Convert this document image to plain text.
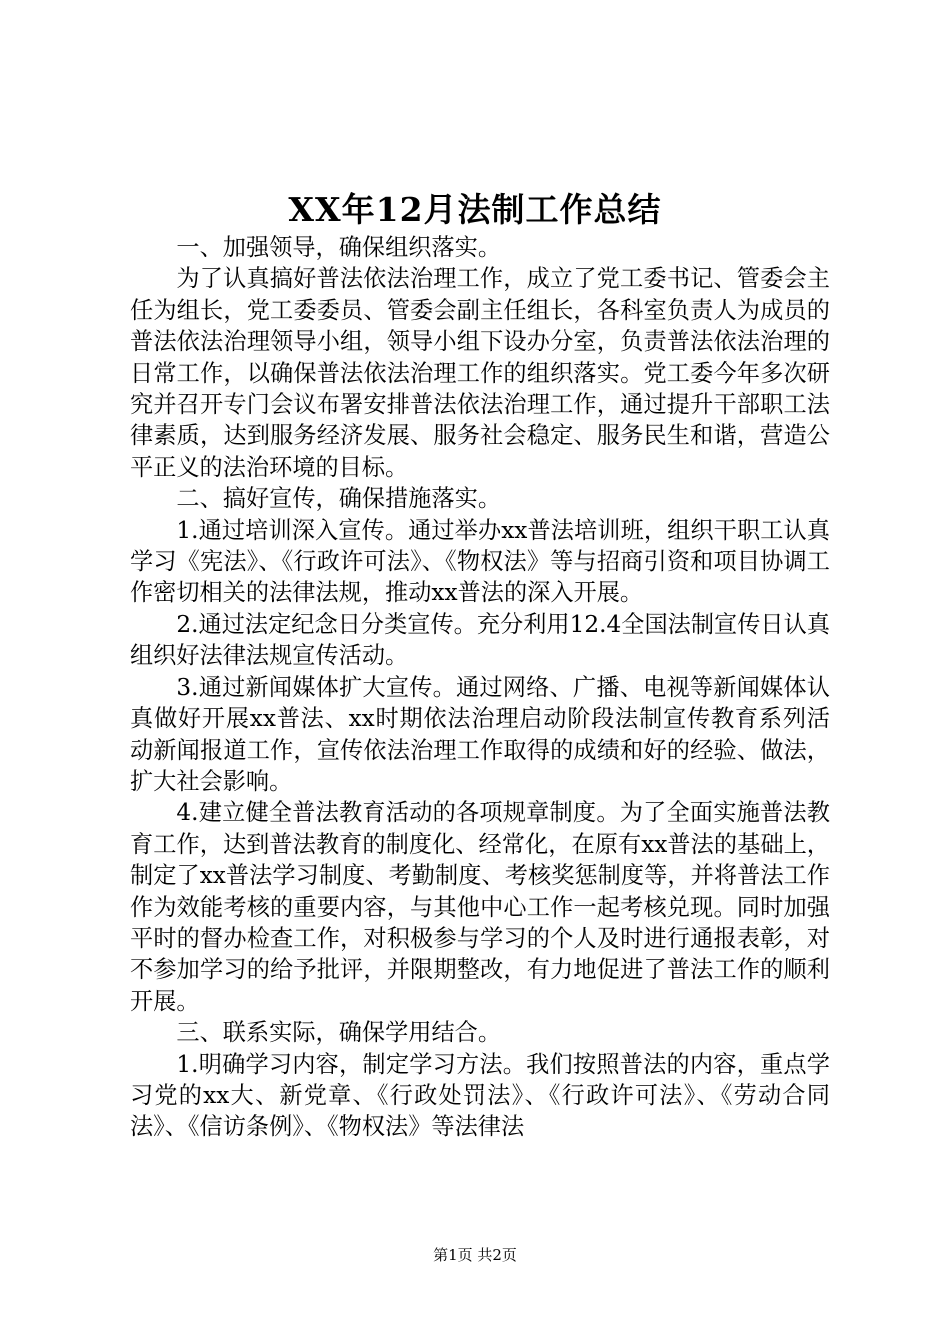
XX年12月法制工作总结

一、加强领导，确保组织落实。

为了认真搞好普法依法治理工作，成立了党工委书记、管委会主任为组长，党工委委员、管委会副主任组长，各科室负责人为成员的普法依法治理领导小组，领导小组下设办分室，负责普法依法治理的日常工作，以确保普法依法治理工作的组织落实。党工委今年多次研究并召开专门会议布署安排普法依法治理工作，通过提升干部职工法律素质，达到服务经济发展、服务社会稳定、服务民生和谐，营造公平正义的法治环境的目标。

二、搞好宣传，确保措施落实。

1.通过培训深入宣传。通过举办xx普法培训班，组织干职工认真学习《宪法》、《行政许可法》、《物权法》等与招商引资和项目协调工作密切相关的法律法规，推动xx普法的深入开展。

2.通过法定纪念日分类宣传。充分利用12.4全国法制宣传日认真组织好法律法规宣传活动。

3.通过新闻媒体扩大宣传。通过网络、广播、电视等新闻媒体认真做好开展xx普法、xx时期依法治理启动阶段法制宣传教育系列活动新闻报道工作，宣传依法治理工作取得的成绩和好的经验、做法，扩大社会影响。

4.建立健全普法教育活动的各项规章制度。为了全面实施普法教育工作，达到普法教育的制度化、经常化，在原有xx普法的基础上，制定了xx普法学习制度、考勤制度、考核奖惩制度等，并将普法工作作为效能考核的重要内容，与其他中心工作一起考核兑现。同时加强平时的督办检查工作，对积极参与学习的个人及时进行通报表彰，对不参加学习的给予批评，并限期整改，有力地促进了普法工作的顺利开展。

三、联系实际，确保学用结合。

1.明确学习内容，制定学习方法。我们按照普法的内容，重点学习党的xx大、新党章、《行政处罚法》、《行政许可法》、《劳动合同法》、《信访条例》、《物权法》等法律法

第1页 共2页
